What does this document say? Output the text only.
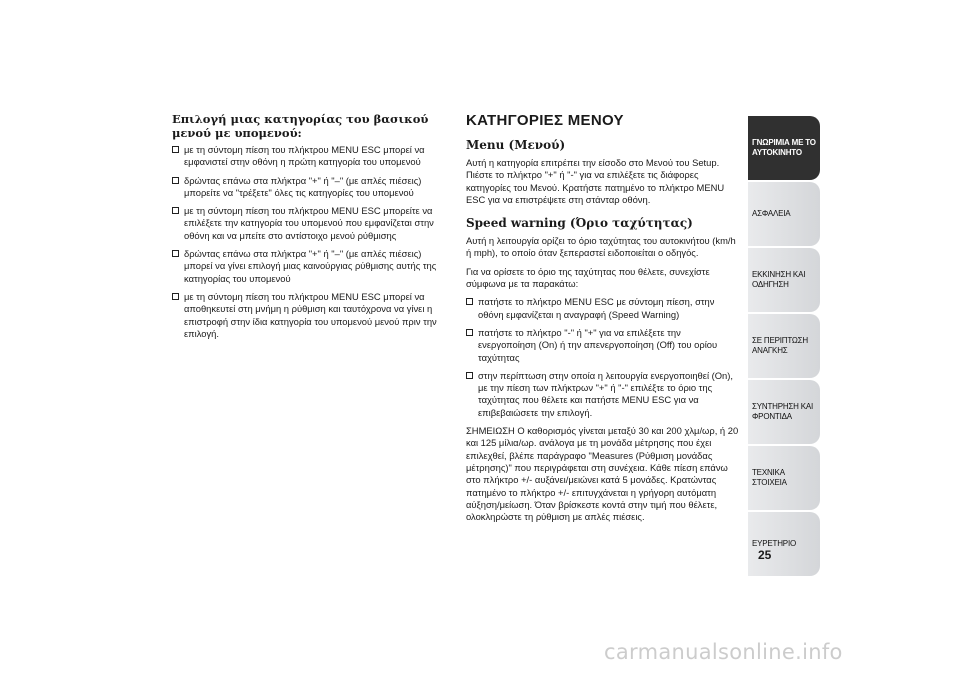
Επιλογή μιας κατηγορίας του βασικού μενού με υπομενού:
με τη σύντομη πίεση του πλήκτρου MENU ESC μπορεί να εμφανιστεί στην οθόνη η πρώτη κατηγορία του υπομενού
δρώντας επάνω στα πλήκτρα "+" ή "–" (με απλές πιέσεις) μπορείτε να "τρέξετε" όλες τις κατηγορίες του υπομενού
με τη σύντομη πίεση του πλήκτρου MENU ESC μπορείτε να επιλέξετε την κατηγορία του υπομενού που εμφανίζεται στην οθόνη και να μπείτε στο αντίστοιχο μενού ρύθμισης
δρώντας επάνω στα πλήκτρα "+" ή "–" (με απλές πιέσεις) μπορεί να γίνει επιλογή μιας καινούργιας ρύθμισης αυτής της κατηγορίας του υπομενού
με τη σύντομη πίεση του πλήκτρου MENU ESC μπορεί να αποθηκευτεί στη μνήμη η ρύθμιση και ταυτόχρονα να γίνει η επιστροφή στην ίδια κατηγορία του υπομενού μενού πριν την επιλογή.
ΚΑΤΗΓΟΡΙΕΣ ΜΕΝΟΥ
Menu (Μενού)

Αυτή η κατηγορία επιτρέπει την είσοδο στο Μενού του Setup. Πιέστε το πλήκτρο "+" ή "-" για να επιλέξετε τις διάφορες κατηγορίες του Μενού. Κρατήστε πατημένο το πλήκτρο MENU ESC για να επιστρέψετε στη στάνταρ οθόνη.

Speed warning (Όριο ταχύτητας)

Αυτή η λειτουργία ορίζει το όριο ταχύτητας του αυτοκινήτου (km/h ή mph), το οποίο όταν ξεπεραστεί ειδοποιείται ο οδηγός.

Για να ορίσετε το όριο της ταχύτητας που θέλετε, συνεχίστε σύμφωνα με τα παρακάτω:

πατήστε το πλήκτρο MENU ESC με σύντομη πίεση, στην οθόνη εμφανίζεται η αναγραφή (Speed Warning)
πατήστε το πλήκτρο "-" ή "+" για να επιλέξετε την ενεργοποίηση (On) ή την απενεργοποίηση (Off) του ορίου ταχύτητας
στην περίπτωση στην οποία η λειτουργία ενεργοποιηθεί (On), με την πίεση των πλήκτρων "+" ή "-" επιλέξτε το όριο της ταχύτητας που θέλετε και πατήστε MENU ESC για να επιβεβαιώσετε την επιλογή.

ΣΗΜΕΙΩΣΗ Ο καθορισμός γίνεται μεταξύ 30 και 200 χλμ/ωρ, ή 20 και 125 μίλια/ωρ. ανάλογα με τη μονάδα μέτρησης που έχει επιλεχθεί, βλέπε παράγραφο "Measures (Ρύθμιση μονάδας μέτρησης)" που περιγράφεται στη συνέχεια. Κάθε πίεση επάνω στο πλήκτρο +/- αυξάνει/μειώνει κατά 5 μονάδες. Κρατώντας πατημένο το πλήκτρο +/- επιτυγχάνεται η γρήγορη αυτόματη αύξηση/μείωση. Όταν βρίσκεστε κοντά στην τιμή που θέλετε, ολοκληρώστε τη ρύθμιση με απλές πιέσεις.

ΓΝΩΡΙΜΙΑ ΜΕ ΤΟ ΑΥΤΟΚΙΝΗΤΟ
ΑΣΦΑΛΕΙΑ
ΕΚΚΙΝΗΣΗ ΚΑΙ ΟΔΗΓΗΣΗ
ΣΕ ΠΕΡΙΠΤΩΣΗ ΑΝΑΓΚΗΣ
ΣΥΝΤΗΡΗΣΗ ΚΑΙ ΦΡΟΝΤΙΔΑ
ΤΕΧΝΙΚΑ ΣΤΟΙΧΕΙΑ
ΕΥΡΕΤΗΡΙΟ
25
carmanualsonline.info
